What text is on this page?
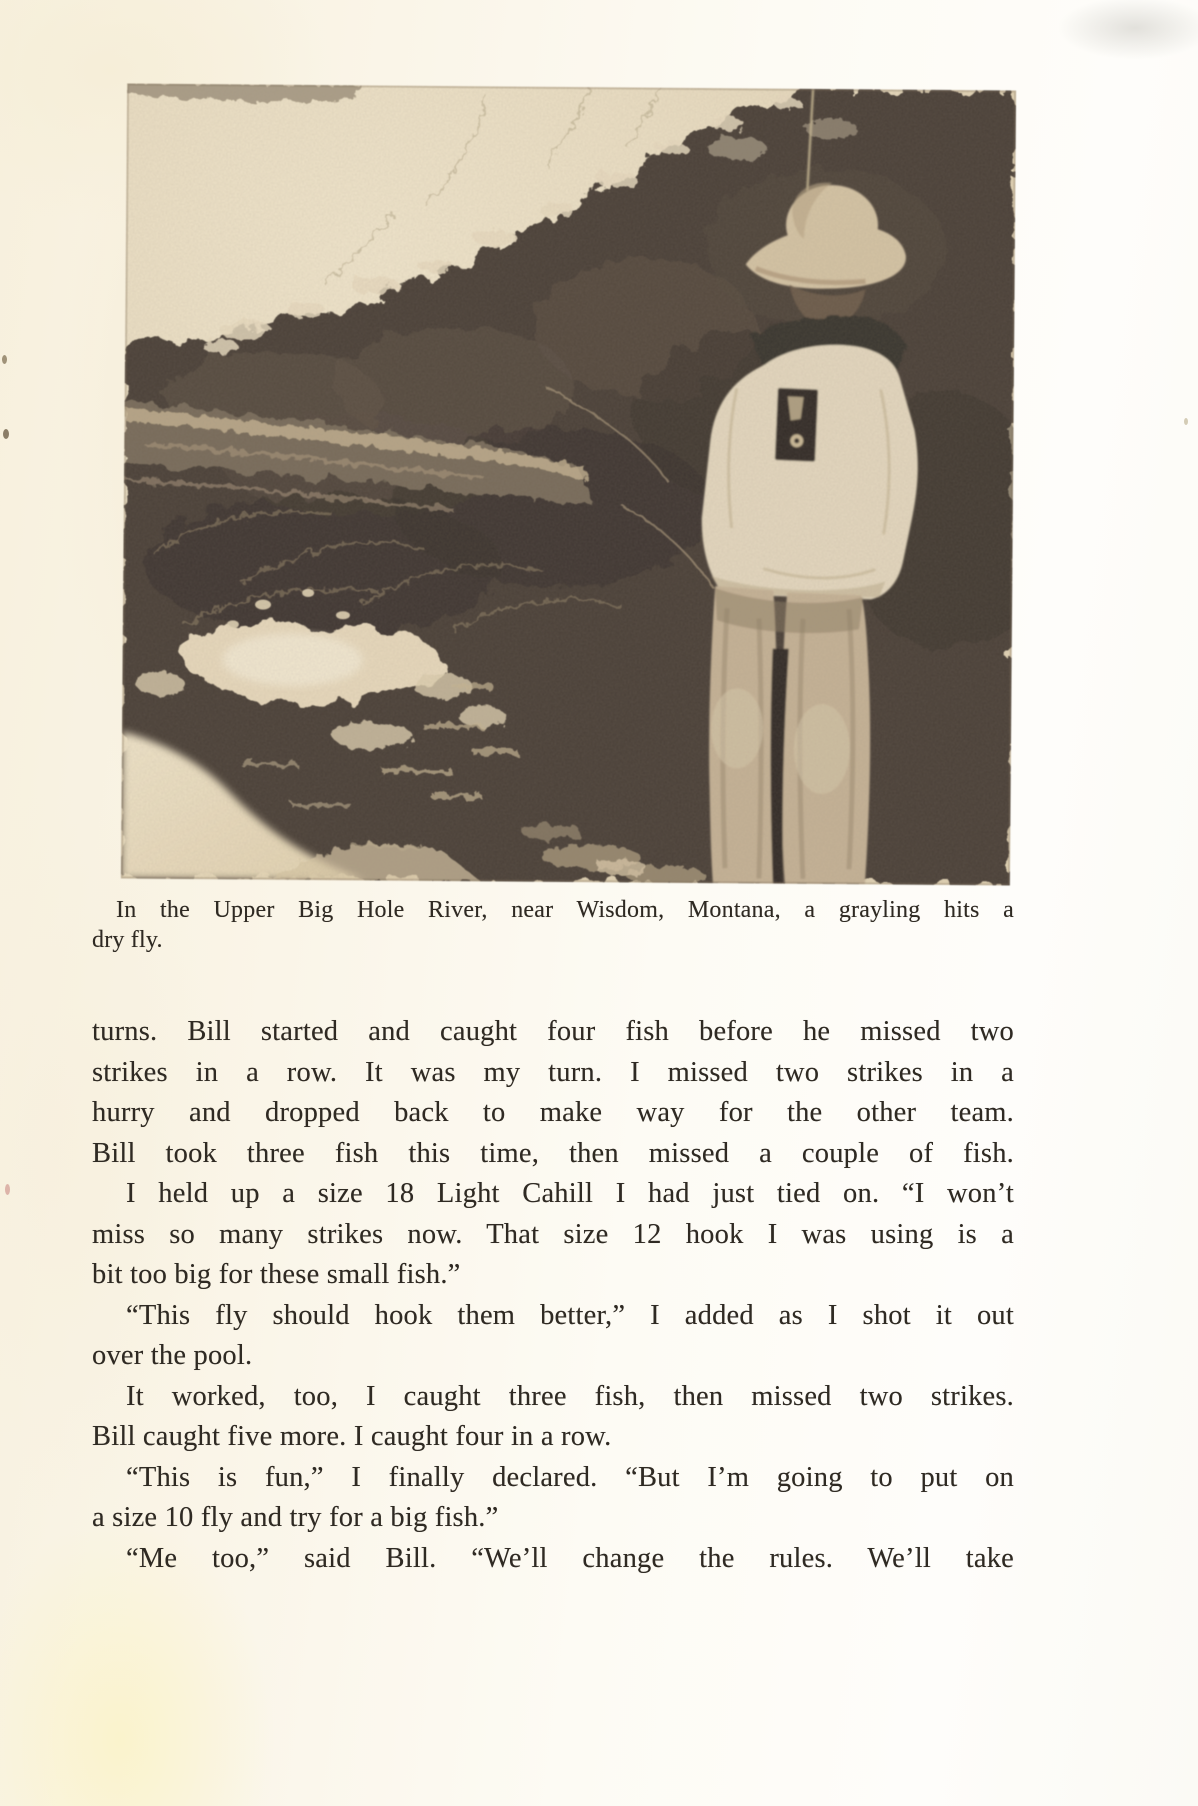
In the Upper Big Hole River, near Wisdom, Montana, a grayling hits a
dry fly.
turns. Bill started and caught four fish before he missed two
strikes in a row. It was my turn. I missed two strikes in a
hurry and dropped back to make way for the other team.
Bill took three fish this time, then missed a couple of fish.
I held up a size 18 Light Cahill I had just tied on. “I won’t
miss so many strikes now. That size 12 hook I was using is a
bit too big for these small fish.”
“This fly should hook them better,” I added as I shot it out
over the pool.
It worked, too, I caught three fish, then missed two strikes.
Bill caught five more. I caught four in a row.
“This is fun,” I finally declared. “But I’m going to put on
a size 10 fly and try for a big fish.”
“Me too,” said Bill. “We’ll change the rules. We’ll take
